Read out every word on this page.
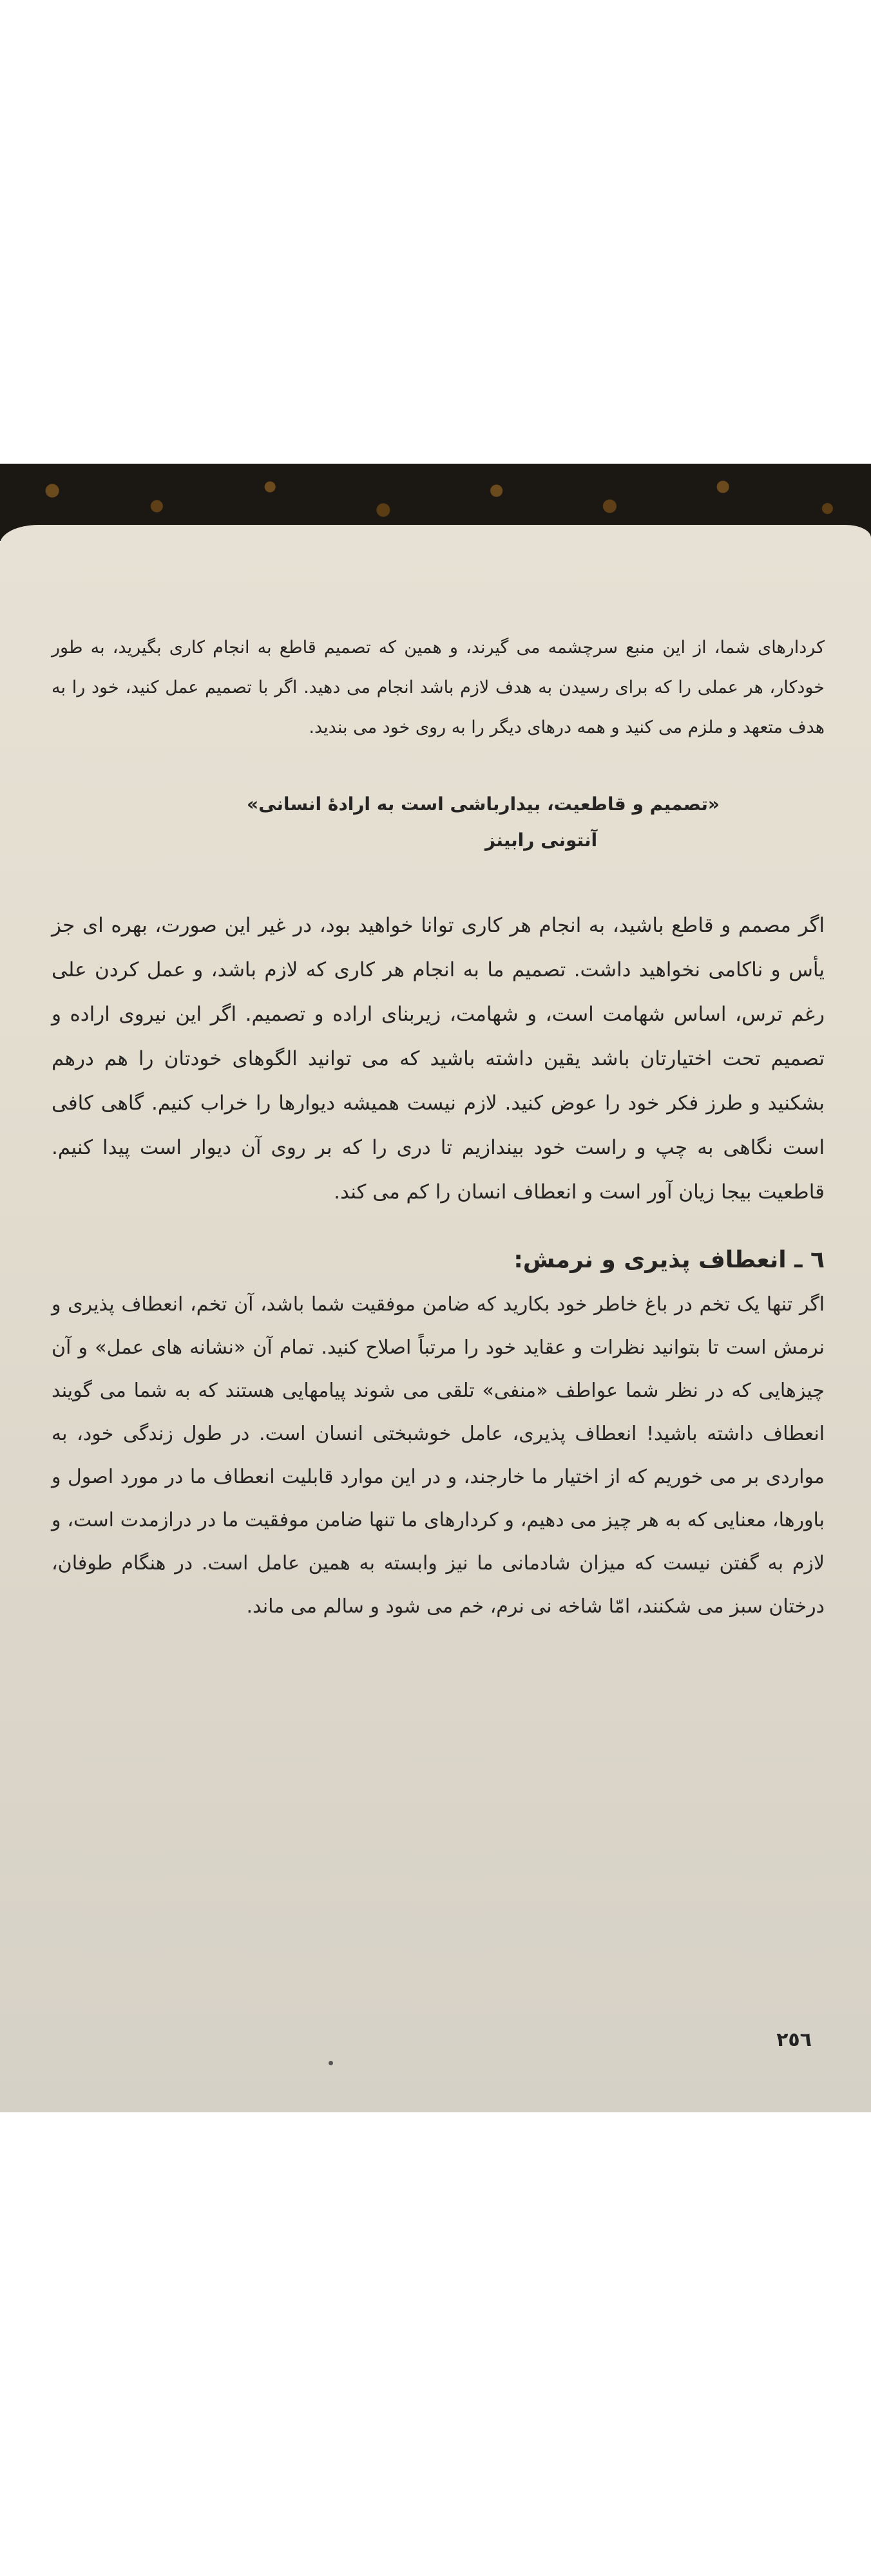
کردارهای شما، از این منبع سرچشمه می گیرند، و همین که تصمیم قاطع به انجام کاری بگیرید، به طور خودکار، هر عملی را که برای رسیدن به هدف لازم باشد انجام می دهید. اگر با تصمیم عمل کنید، خود را به هدف متعهد و ملزم می کنید و همه درهای دیگر را به روی خود می بندید.

«تصمیم و قاطعیت، بیدارباشی است به ارادهٔ انسانی»
آنتونی رابینز

اگر مصمم و قاطع باشید، به انجام هر کاری توانا خواهید بود، در غیر این صورت، بهره ای جز یأس و ناکامی نخواهید داشت. تصمیم ما به انجام هر کاری که لازم باشد، و عمل کردن علی رغم ترس، اساس شهامت است، و شهامت، زیربنای اراده و تصمیم. اگر این نیروی اراده و تصمیم تحت اختیارتان باشد یقین داشته باشید که می توانید الگوهای خودتان را هم درهم بشکنید و طرز فکر خود را عوض کنید. لازم نیست همیشه دیوارها را خراب کنیم. گاهی کافی است نگاهی به چپ و راست خود بیندازیم تا دری را که بر روی آن دیوار است پیدا کنیم. قاطعیت بیجا زیان آور است و انعطاف انسان را کم می کند.

٦ ـ انعطاف پذیری و نرمش:

اگر تنها یک تخم در باغ خاطر خود بکارید که ضامن موفقیت شما باشد، آن تخم، انعطاف پذیری و نرمش است تا بتوانید نظرات و عقاید خود را مرتباً اصلاح کنید. تمام آن «نشانه های عمل» و آن چیزهایی که در نظر شما عواطف «منفی» تلقی می شوند پیامهایی هستند که به شما می گویند انعطاف داشته باشید! انعطاف پذیری، عامل خوشبختی انسان است. در طول زندگی خود، به مواردی بر می خوریم که از اختیار ما خارجند، و در این موارد قابلیت انعطاف ما در مورد اصول و باورها، معنایی که به هر چیز می دهیم، و کردارهای ما تنها ضامن موفقیت ما در درازمدت است، و لازم به گفتن نیست که میزان شادمانی ما نیز وابسته به همین عامل است. در هنگام طوفان، درختان سبز می شکنند، امّا شاخه نی نرم، خم می شود و سالم می ماند.

٢٥٦
